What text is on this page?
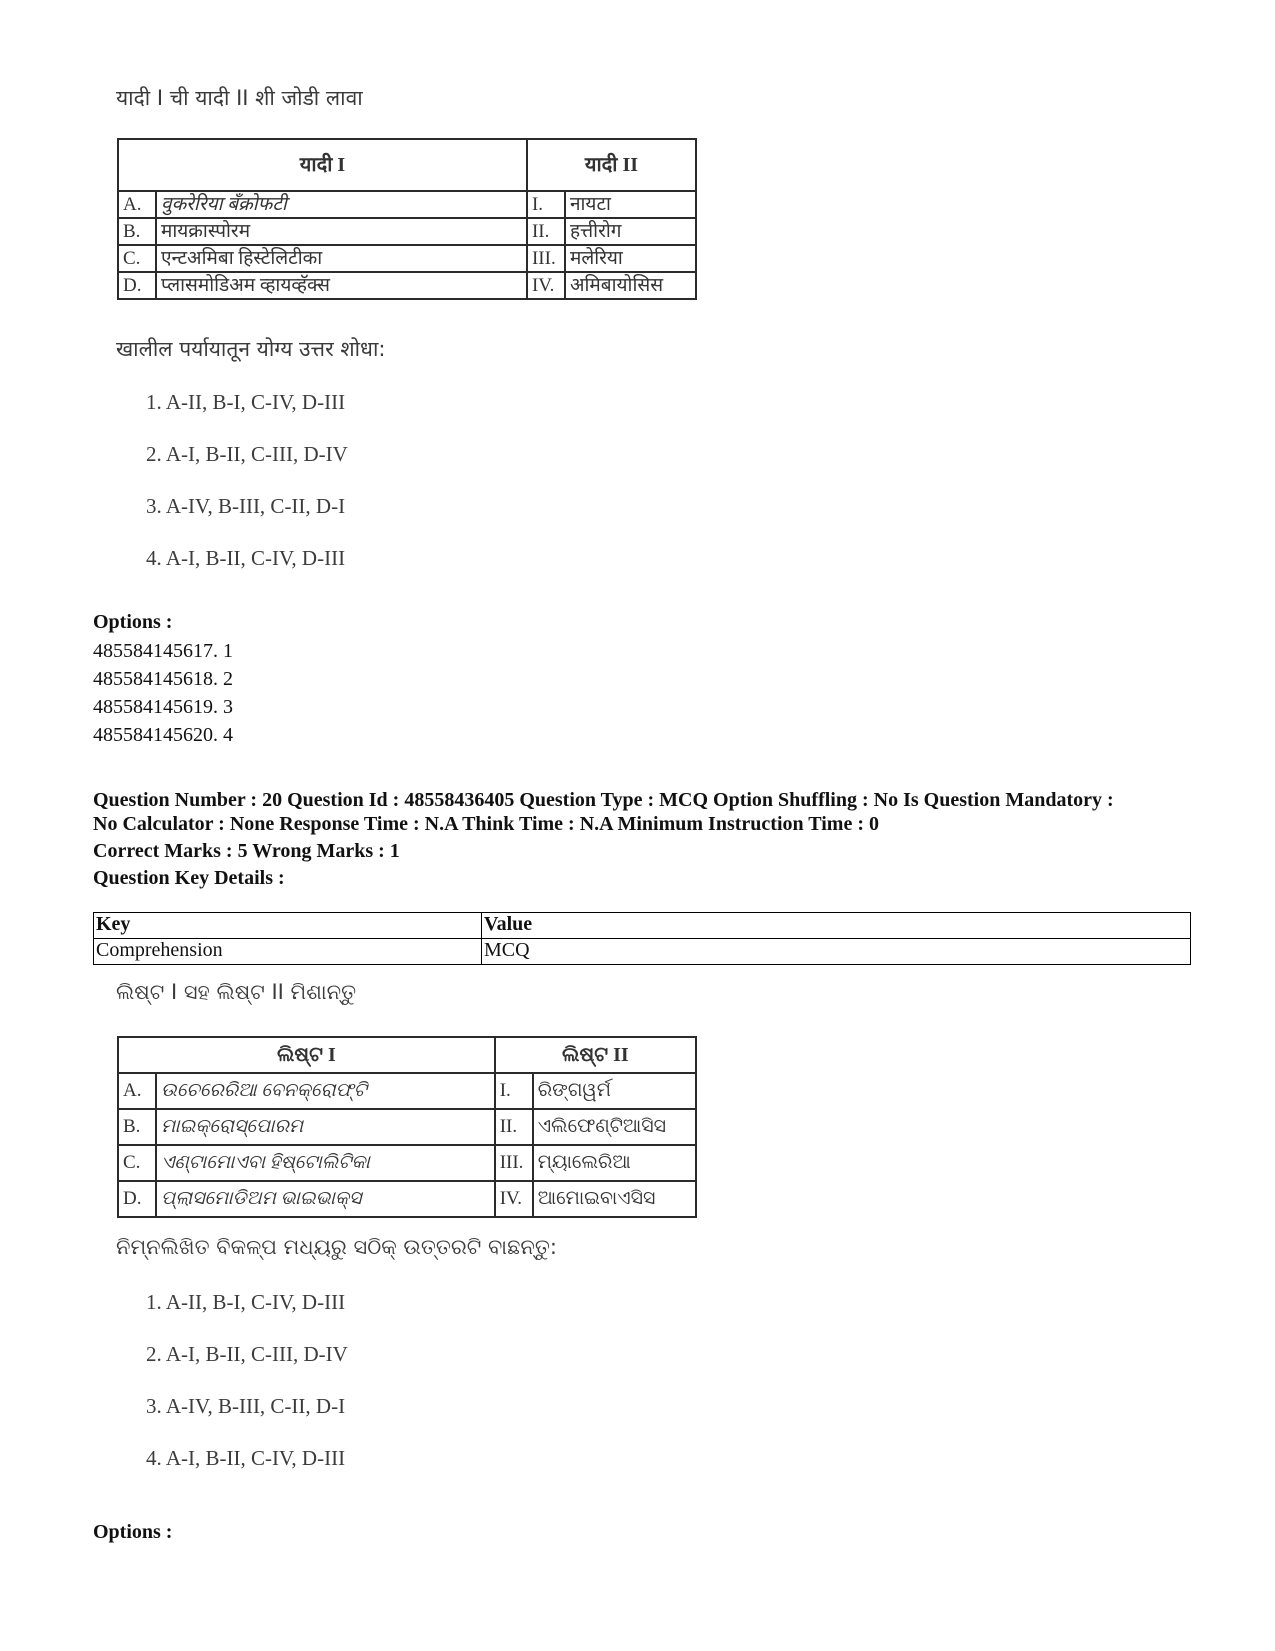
यादी I ची यादी II शी जोडी लावा
यादी I		यादी II	
A.	वुकरेरिया बॅंक्रोफटी	I.	नायटा
B.	मायक्रास्पोरम	II.	हत्तीरोग
C.	एन्टअमिबा हिस्टेलिटीका	III.	मलेरिया
D.	प्लासमोडिअम व्हायव्हॅक्स	IV.	अमिबायोसिस
खालील पर्यायातून योग्य उत्तर शोधा:
1. A-II, B-I, C-IV, D-III
2. A-I, B-II, C-III, D-IV
3. A-IV, B-III, C-II, D-I
4. A-I, B-II, C-IV, D-III
Options :
485584145617. 1
485584145618. 2
485584145619. 3
485584145620. 4
Question Number : 20 Question Id : 48558436405 Question Type : MCQ Option Shuffling : No Is Question Mandatory :
No Calculator : None Response Time : N.A Think Time : N.A Minimum Instruction Time : 0
Correct Marks : 5 Wrong Marks : 1
Question Key Details :
Key	Value
Comprehension	MCQ
ଲିଷ୍ଟ I ସହ ଲିଷ୍ଟ II ମିଶାନ୍ତୁ
ଲିଷ୍ଟ I		ଲିଷ୍ଟ II	
A.	ଉଚେରେରିଆ ବେନକ୍ରୋଫ୍ଟି	I.	ରିଙ୍ଗୱର୍ମ
B.	ମାଇକ୍ରୋସ୍ପୋରମ	II.	ଏଲିଫେଣ୍ଟିଆସିସ
C.	ଏଣ୍ଟାମୋଏବା ହିଷ୍ଟୋଲିଟିକା	III.	ମ୍ୟାଲେରିଆ
D.	ପ୍ଲାସମୋଡିଅମ ଭାଇଭାକ୍ସ	IV.	ଆମୋଇବାଏସିସ
ନିମ୍ନଲିଖିତ ବିକଳ୍ପ ମଧ୍ୟରୁ ସଠିକ୍ ଉତ୍ତରଟି ବାଛନ୍ତୁ:
1. A-II, B-I, C-IV, D-III
2. A-I, B-II, C-III, D-IV
3. A-IV, B-III, C-II, D-I
4. A-I, B-II, C-IV, D-III
Options :
